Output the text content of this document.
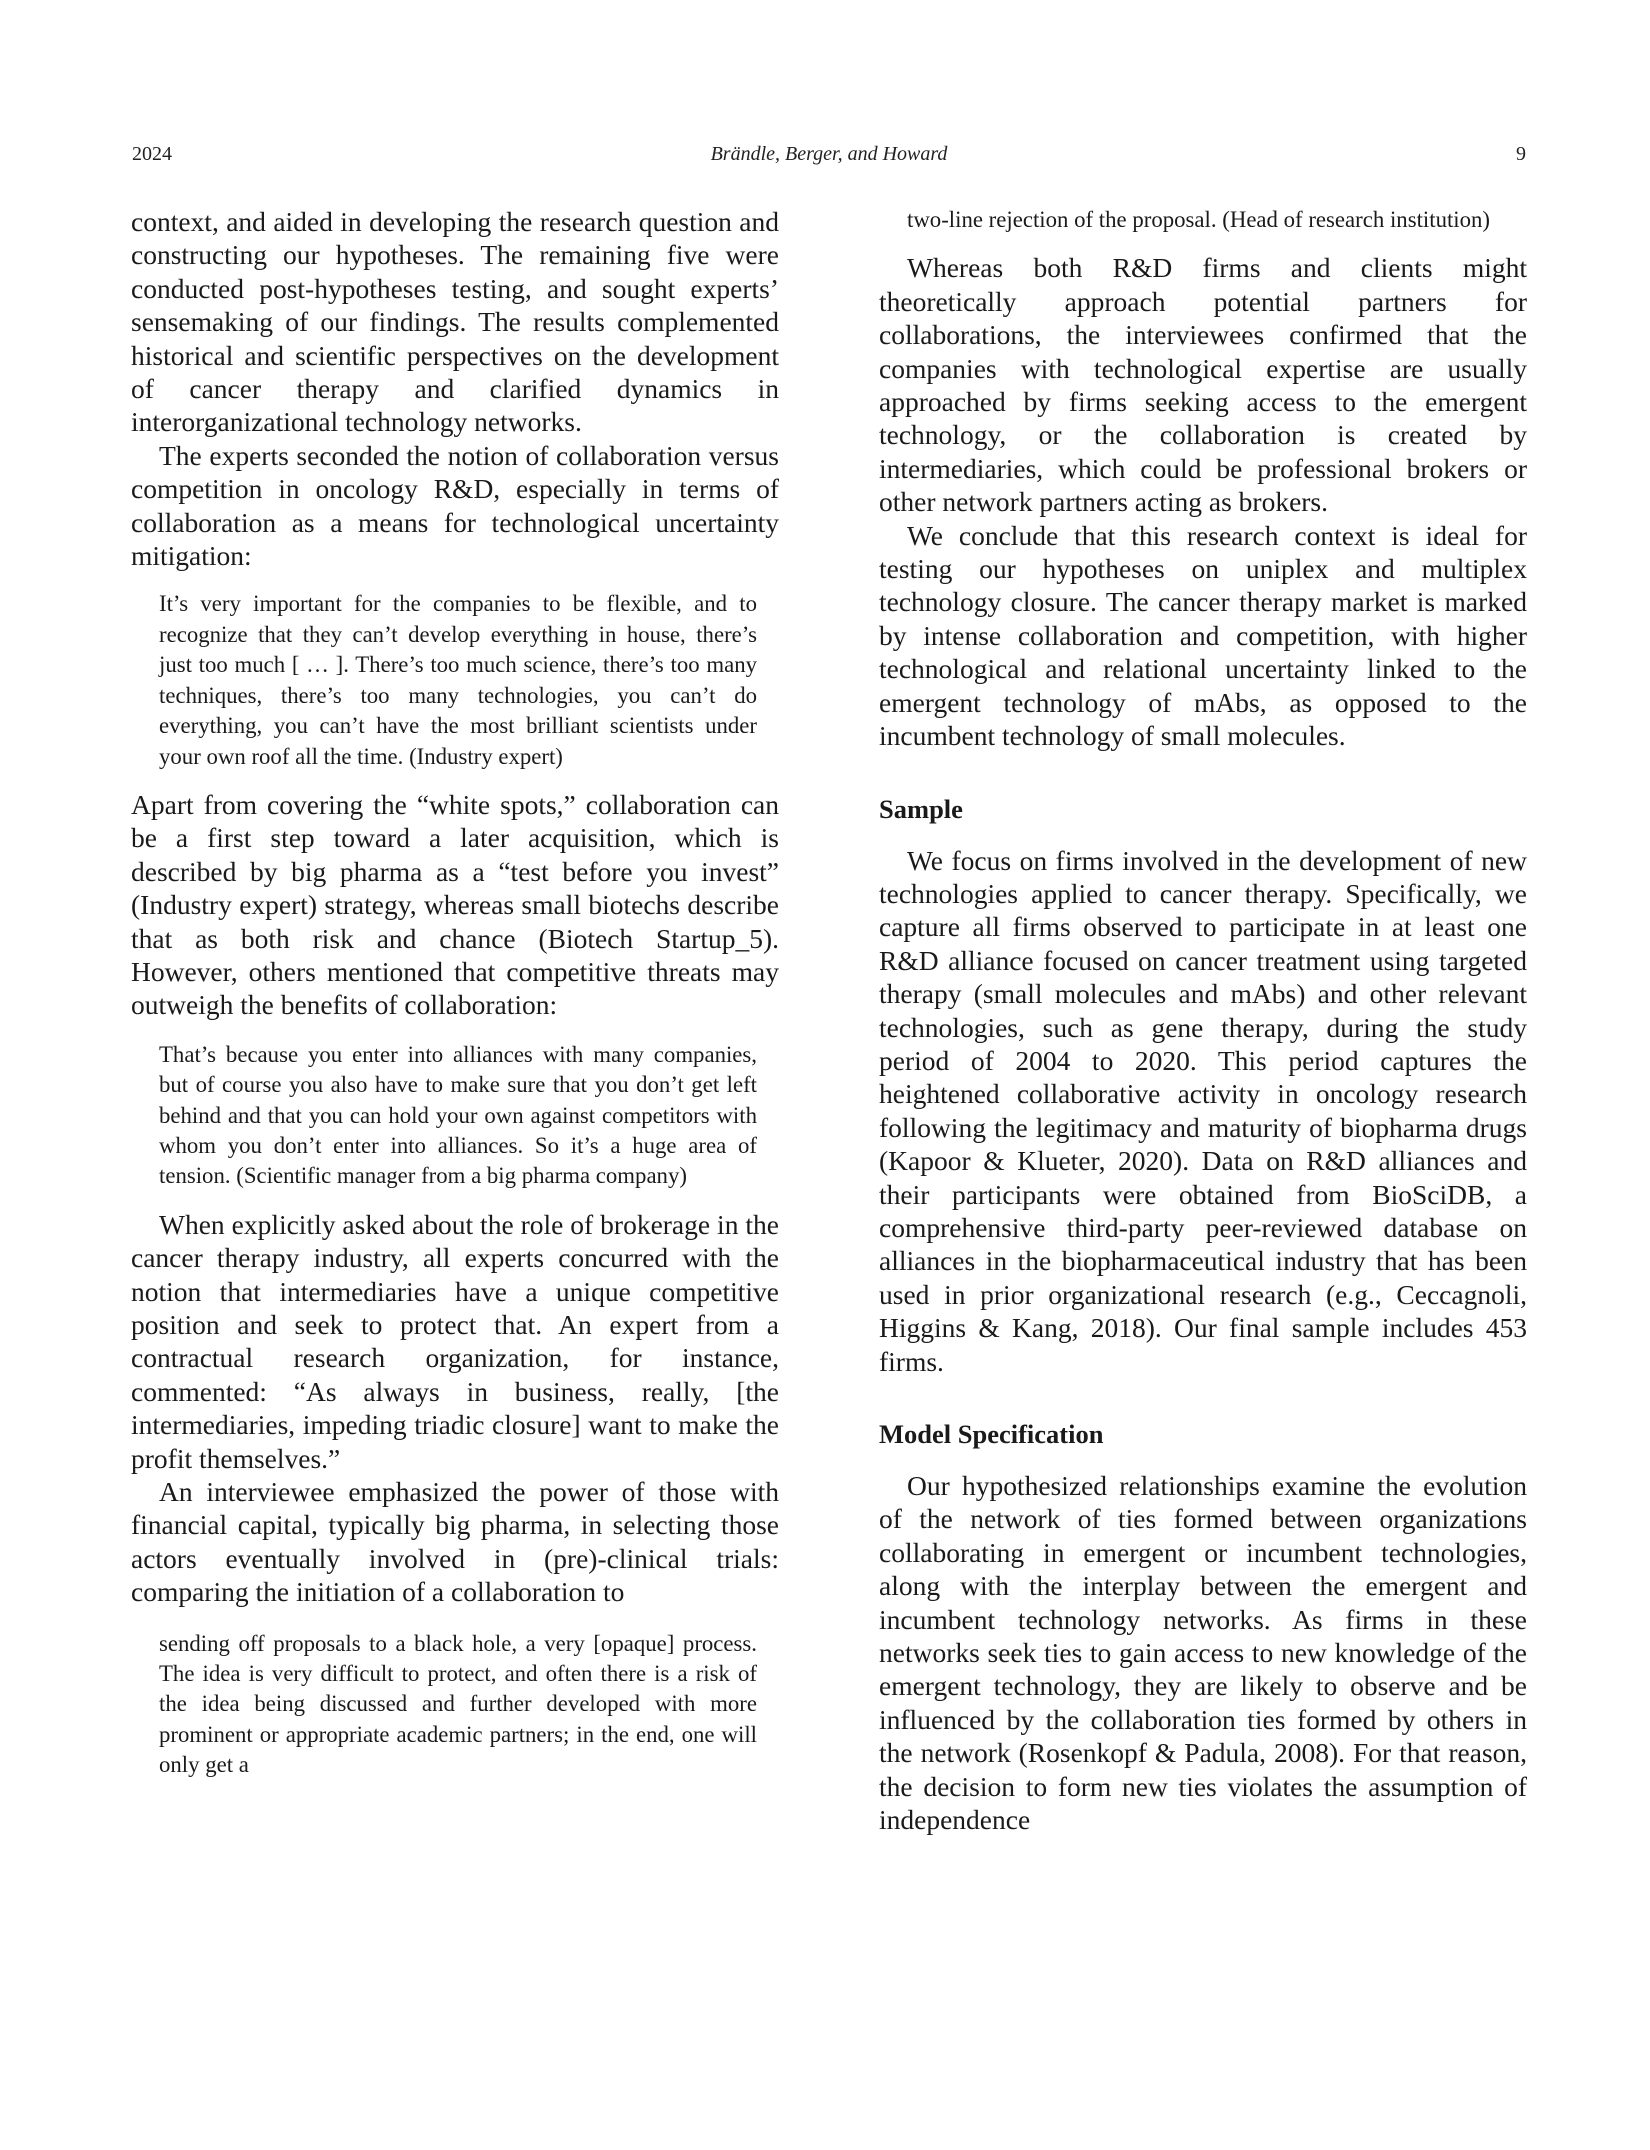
2024	Brändle, Berger, and Howard	9

context, and aided in developing the research question and constructing our hypotheses. The remaining five were conducted post-hypotheses testing, and sought experts’ sensemaking of our findings. The results complemented historical and scientific perspectives on the development of cancer therapy and clarified dynamics in interorganizational technology networks.

The experts seconded the notion of collaboration versus competition in oncology R&D, especially in terms of collaboration as a means for technological uncertainty mitigation:

It’s very important for the companies to be flexible, and to recognize that they can’t develop everything in house, there’s just too much [ … ]. There’s too much science, there’s too many techniques, there’s too many technologies, you can’t do everything, you can’t have the most brilliant scientists under your own roof all the time. (Industry expert)

Apart from covering the “white spots,” collaboration can be a first step toward a later acquisition, which is described by big pharma as a “test before you invest” (Industry expert) strategy, whereas small biotechs describe that as both risk and chance (Biotech Startup_5). However, others mentioned that competitive threats may outweigh the benefits of collaboration:

That’s because you enter into alliances with many companies, but of course you also have to make sure that you don’t get left behind and that you can hold your own against competitors with whom you don’t enter into alliances. So it’s a huge area of tension. (Scientific manager from a big pharma company)

When explicitly asked about the role of brokerage in the cancer therapy industry, all experts concurred with the notion that intermediaries have a unique competitive position and seek to protect that. An expert from a contractual research organization, for instance, commented: “As always in business, really, [the intermediaries, impeding triadic closure] want to make the profit themselves.”

An interviewee emphasized the power of those with financial capital, typically big pharma, in selecting those actors eventually involved in (pre)-clinical trials: comparing the initiation of a collaboration to

sending off proposals to a black hole, a very [opaque] process. The idea is very difficult to protect, and often there is a risk of the idea being discussed and further developed with more prominent or appropriate academic partners; in the end, one will only get a

two-line rejection of the proposal. (Head of research institution)

Whereas both R&D firms and clients might theoretically approach potential partners for collaborations, the interviewees confirmed that the companies with technological expertise are usually approached by firms seeking access to the emergent technology, or the collaboration is created by intermediaries, which could be professional brokers or other network partners acting as brokers.

We conclude that this research context is ideal for testing our hypotheses on uniplex and multiplex technology closure. The cancer therapy market is marked by intense collaboration and competition, with higher technological and relational uncertainty linked to the emergent technology of mAbs, as opposed to the incumbent technology of small molecules.

Sample

We focus on firms involved in the development of new technologies applied to cancer therapy. Specifically, we capture all firms observed to participate in at least one R&D alliance focused on cancer treatment using targeted therapy (small molecules and mAbs) and other relevant technologies, such as gene therapy, during the study period of 2004 to 2020. This period captures the heightened collaborative activity in oncology research following the legitimacy and maturity of biopharma drugs (Kapoor & Klueter, 2020). Data on R&D alliances and their participants were obtained from BioSciDB, a comprehensive third-party peer-reviewed database on alliances in the biopharmaceutical industry that has been used in prior organizational research (e.g., Ceccagnoli, Higgins & Kang, 2018). Our final sample includes 453 firms.

Model Specification

Our hypothesized relationships examine the evolution of the network of ties formed between organizations collaborating in emergent or incumbent technologies, along with the interplay between the emergent and incumbent technology networks. As firms in these networks seek ties to gain access to new knowledge of the emergent technology, they are likely to observe and be influenced by the collaboration ties formed by others in the network (Rosenkopf & Padula, 2008). For that reason, the decision to form new ties violates the assumption of independence
